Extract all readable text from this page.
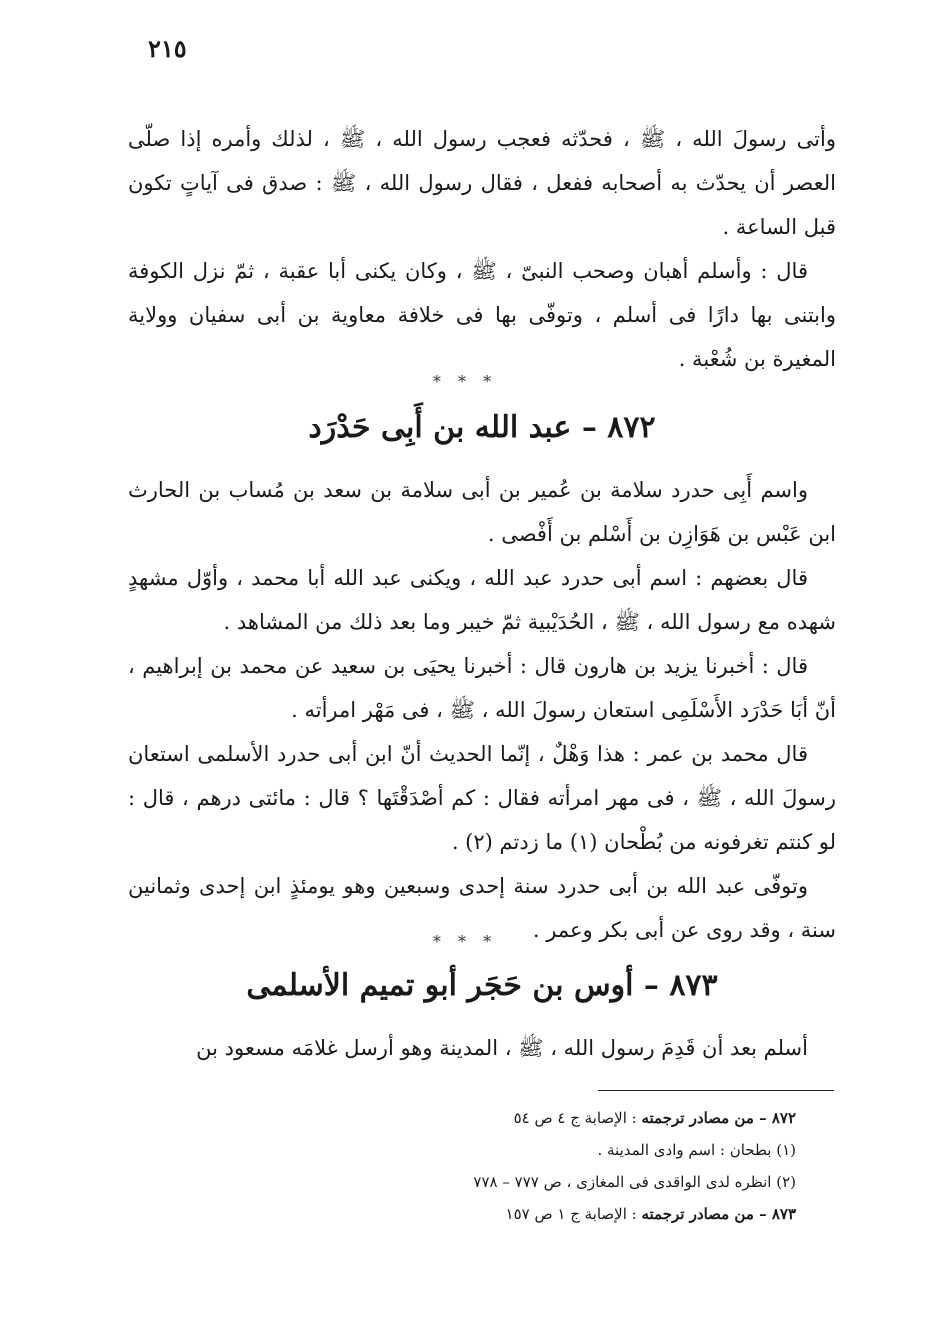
٢١٥

وأتى رسولَ الله ، ﷺ ، فحدّثه فعجب رسول الله ، ﷺ ، لذلك وأمره إذا صلّى العصر أن يحدّث به أصحابه ففعل ، فقال رسول الله ، ﷺ : صدق فى آياتٍ تكون قبل الساعة .

قال : وأسلم أهبان وصحب النبىّ ، ﷺ ، وكان يكنى أبا عقبة ، ثمّ نزل الكوفة وابتنى بها دارًا فى أسلم ، وتوفّى بها فى خلافة معاوية بن أبى سفيان وولاية المغيرة بن شُعْبة .

* * *
٨٧٢ – عبد الله بن أَبِى حَدْرَد

واسم أَبِى حدرد سلامة بن عُمير بن أبى سلامة بن سعد بن مُساب بن الحارث ابن عَبْس بن هَوَازِن بن أَسْلم بن أَفْصى .

قال بعضهم : اسم أبى حدرد عبد الله ، ويكنى عبد الله أبا محمد ، وأوّل مشهدٍ شهده مع رسول الله ، ﷺ ، الحُدَيْبية ثمّ خيبر وما بعد ذلك من المشاهد .

قال : أخبرنا يزيد بن هارون قال : أخبرنا يحيَى بن سعيد عن محمد بن إبراهيم ، أنّ أبَا حَدْرَد الأَسْلَمِى استعان رسولَ الله ، ﷺ ، فى مَهْر امرأته .

قال محمد بن عمر : هذا وَهْلٌ ، إنّما الحديث أنّ ابن أبى حدرد الأسلمى استعان رسولَ الله ، ﷺ ، فى مهر امرأته فقال : كم أصْدَقْتَها ؟ قال : مائتى درهم ، قال : لو كنتم تغرفونه من بُطْحان (١) ما زدتم (٢) .

وتوفّى عبد الله بن أبى حدرد سنة إحدى وسبعين وهو يومئذٍ ابن إحدى وثمانين سنة ، وقد روى عن أبى بكر وعمر .

* * *
٨٧٣ – أوس بن حَجَر أبو تميم الأسلمى

أسلم بعد أن قَدِمَ رسول الله ، ﷺ ، المدينة وهو أرسل غلامَه مسعود بن

٨٧٢ – من مصادر ترجمته : الإصابة ج ٤ ص ٥٤

(١) بطحان : اسم وادى المدينة .

(٢) انظره لدى الواقدى فى المغازى ، ص ٧٧٧ – ٧٧٨

٨٧٣ – من مصادر ترجمته : الإصابة ج ١ ص ١٥٧
